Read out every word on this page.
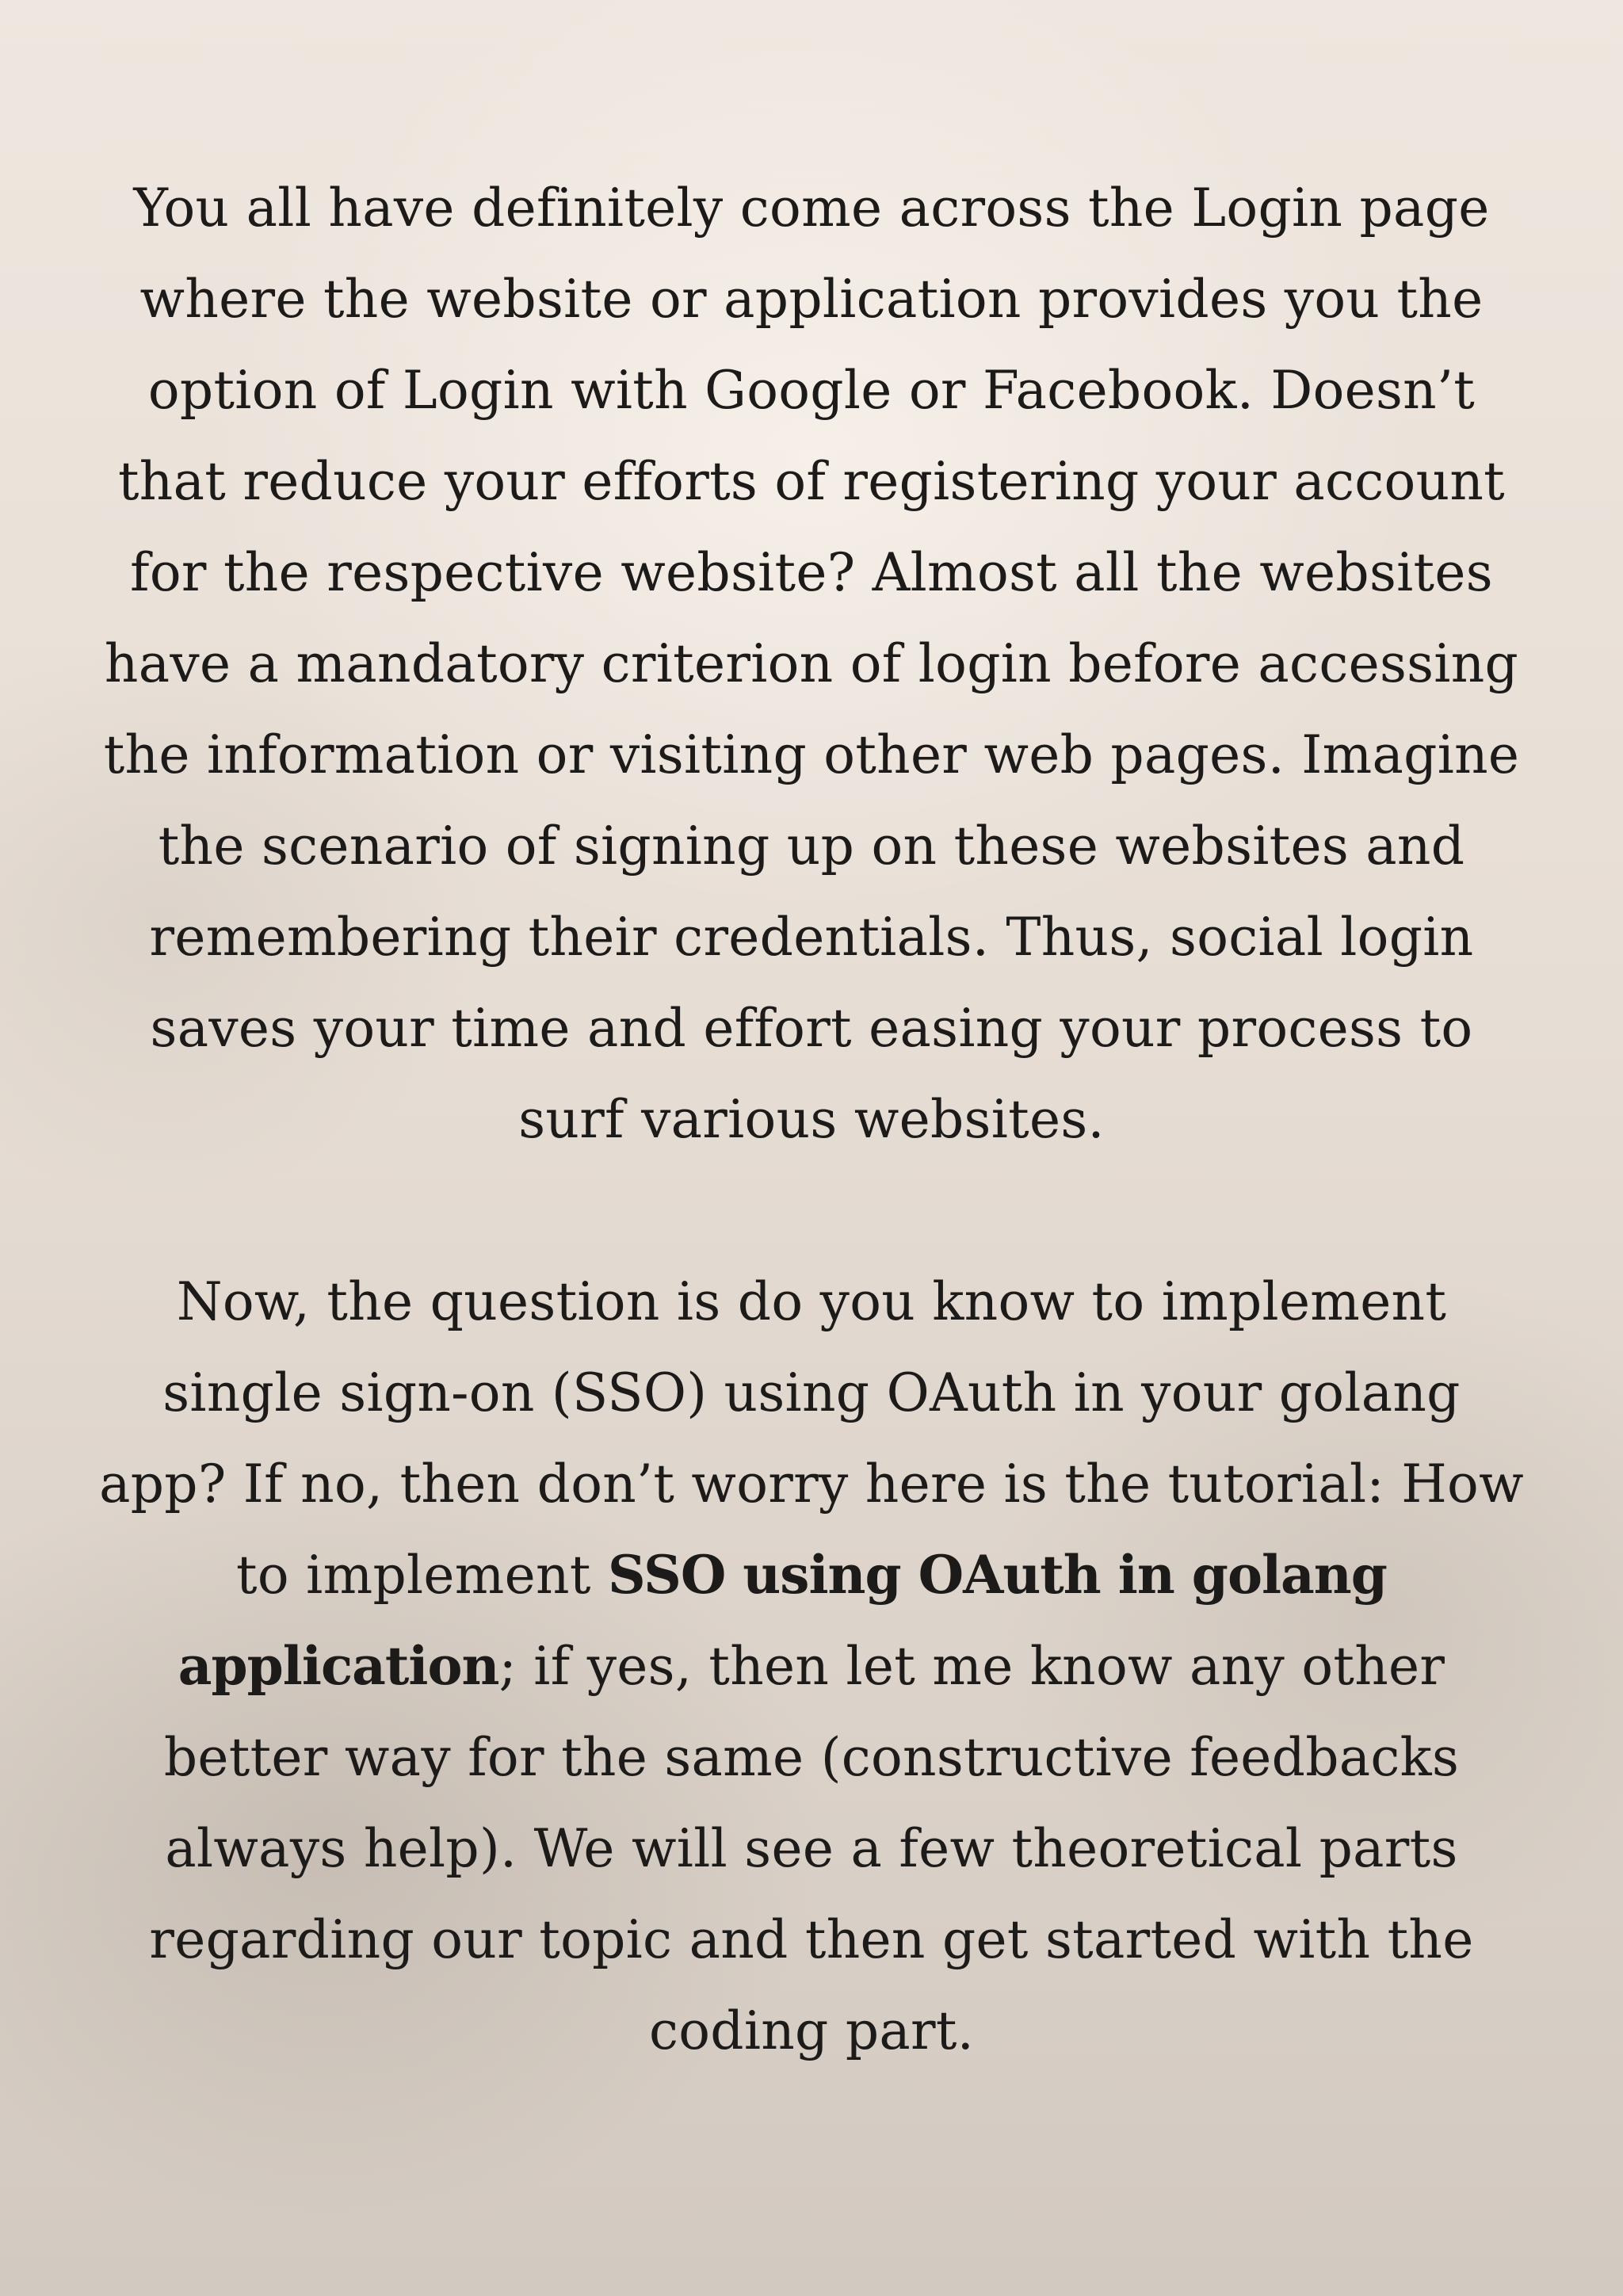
You all have definitely come across the Login page where the website or application provides you the option of Login with Google or Facebook. Doesn’t that reduce your efforts of registering your account for the respective website? Almost all the websites have a mandatory criterion of login before accessing the information or visiting other web pages. Imagine the scenario of signing up on these websites and remembering their credentials. Thus, social login saves your time and effort easing your process to surf various websites.

Now, the question is do you know to implement single sign-on (SSO) using OAuth in your golang app? If no, then don’t worry here is the tutorial: How to implement SSO using OAuth in golang application; if yes, then let me know any other better way for the same (constructive feedbacks always help). We will see a few theoretical parts regarding our topic and then get started with the coding part.
